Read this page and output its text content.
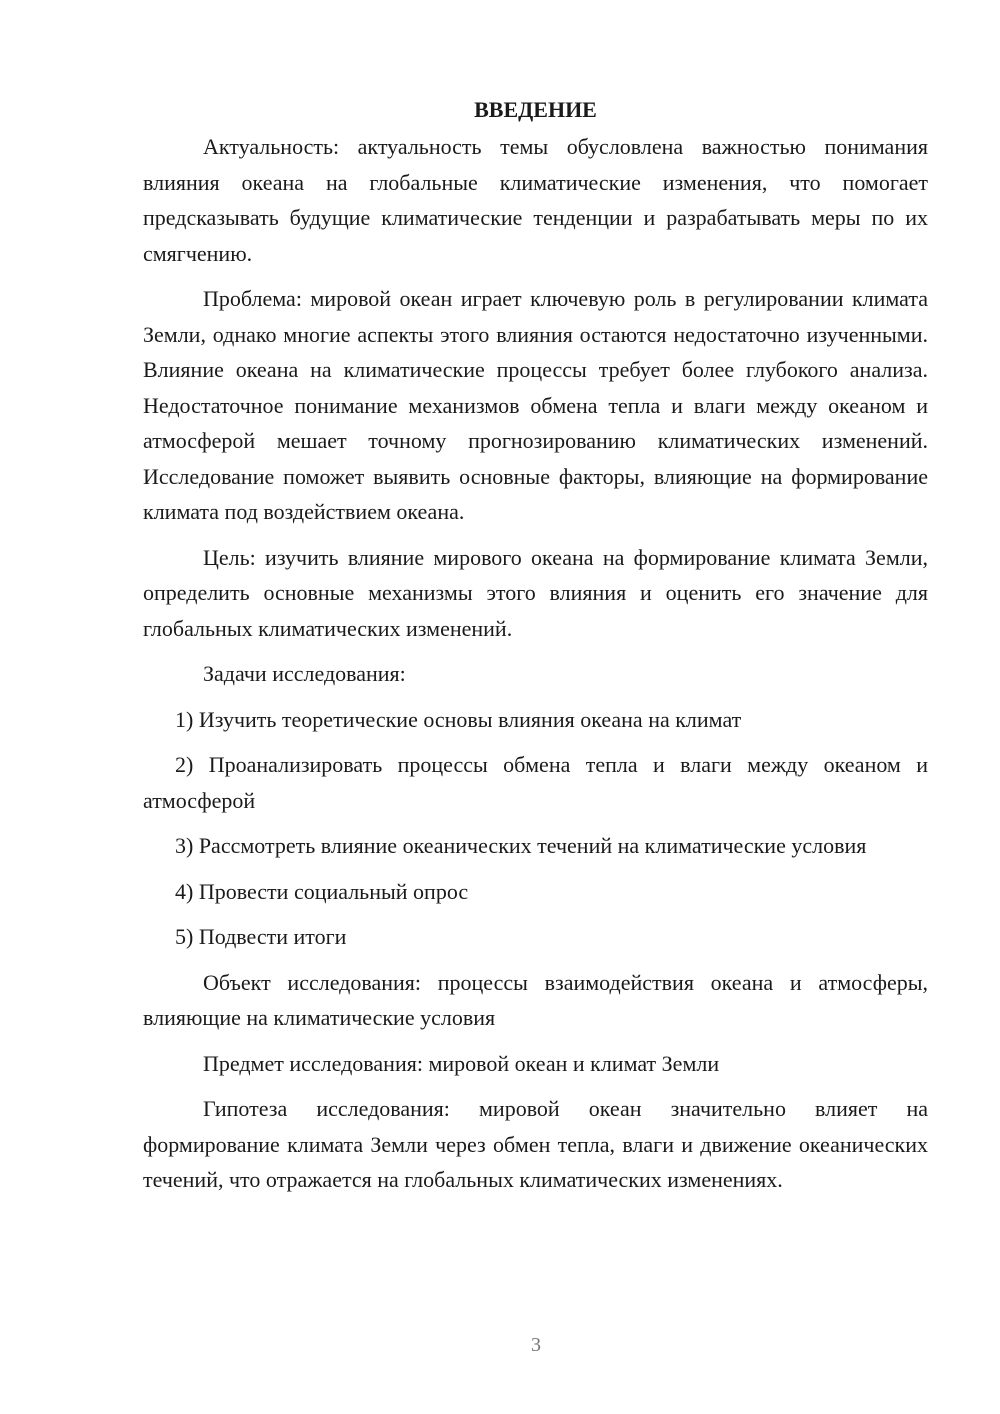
ВВЕДЕНИЕ

Актуальность: актуальность темы обусловлена важностью понимания влияния океана на глобальные климатические изменения, что помогает предсказывать будущие климатические тенденции и разрабатывать меры по их смягчению.

Проблема: мировой океан играет ключевую роль в регулировании климата Земли, однако многие аспекты этого влияния остаются недостаточно изученными. Влияние океана на климатические процессы требует более глубокого анализа. Недостаточное понимание механизмов обмена тепла и влаги между океаном и атмосферой мешает точному прогнозированию климатических изменений. Исследование поможет выявить основные факторы, влияющие на формирование климата под воздействием океана.

Цель: изучить влияние мирового океана на формирование климата Земли, определить основные механизмы этого влияния и оценить его значение для глобальных климатических изменений.

Задачи исследования:

1) Изучить теоретические основы влияния океана на климат

2) Проанализировать процессы обмена тепла и влаги между океаном и атмосферой

3) Рассмотреть влияние океанических течений на климатические условия

4) Провести социальный опрос

5) Подвести итоги

Объект исследования: процессы взаимодействия океана и атмосферы, влияющие на климатические условия

Предмет исследования: мировой океан и климат Земли

Гипотеза исследования: мировой океан значительно влияет на формирование климата Земли через обмен тепла, влаги и движение океанических течений, что отражается на глобальных климатических изменениях.

3
